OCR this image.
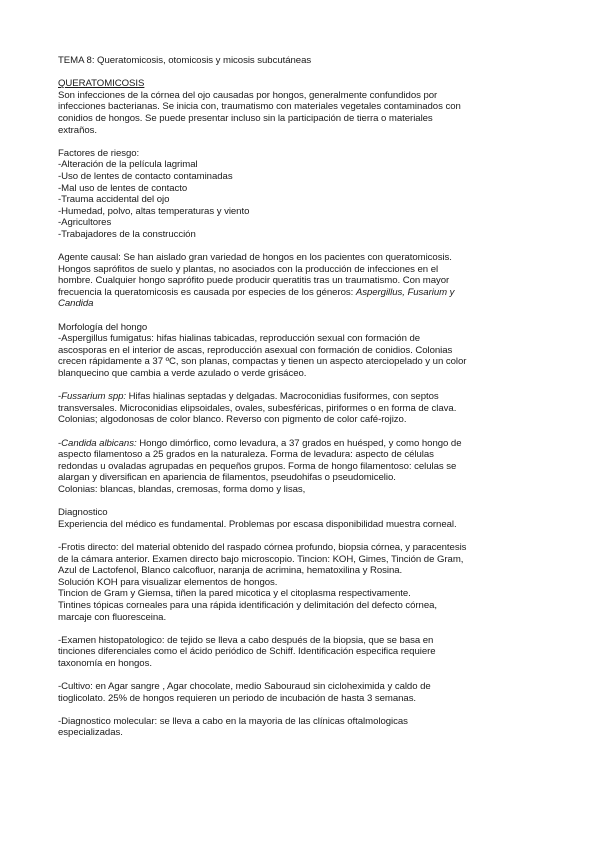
TEMA 8: Queratomicosis, otomicosis y micosis subcutáneas

QUERATOMICOSIS

Son infecciones de la córnea del ojo causadas por hongos, generalmente confundidos por

infecciones bacterianas. Se inicia con, traumatismo con materiales vegetales contaminados con

conidios de hongos. Se puede presentar incluso sin la participación de tierra o materiales

extraños.

Factores de riesgo:

-Alteración de la película lagrimal

-Uso de lentes de contacto contaminadas

-Mal uso de lentes de contacto

-Trauma accidental del ojo

-Humedad, polvo, altas temperaturas y viento

-Agricultores

-Trabajadores de la construcción

Agente causal: Se han aislado gran variedad de hongos en los pacientes con queratomicosis.

Hongos saprófitos de suelo y plantas, no asociados con la producción de infecciones en el

hombre. Cualquier hongo saprófito puede producir queratitis tras un traumatismo. Con mayor

frecuencia la queratomicosis es causada por especies de los géneros: Aspergillus, Fusarium y

Candida

Morfología del hongo

-Aspergillus fumigatus: hifas hialinas tabicadas, reproducción sexual con formación de

ascosporas en el interior de ascas, reproducción asexual con formación de conidios. Colonias

crecen rápidamente a 37 ºC, son planas, compactas y tienen un aspecto aterciopelado y un color

blanquecino que cambia a verde azulado o verde grisáceo.

-Fussarium spp: Hifas hialinas septadas y delgadas. Macroconidias fusiformes, con septos

transversales. Microconidias elipsoidales, ovales, subesféricas, piriformes o en forma de clava.

Colonias; algodonosas de color blanco. Reverso con pigmento de color café-rojizo.

-Candida albicans: Hongo dimórfico, como levadura, a 37 grados en huésped, y como hongo de

aspecto filamentoso a 25 grados en la naturaleza. Forma de levadura: aspecto de células

redondas u ovaladas agrupadas en pequeños grupos. Forma de hongo filamentoso: celulas se

alargan y diversifican en apariencia de filamentos, pseudohifas o pseudomicelio.

Colonias: blancas, blandas, cremosas, forma domo y lisas,

Diagnostico

Experiencia del médico es fundamental. Problemas por escasa disponibilidad muestra corneal.

-Frotis directo: del material obtenido del raspado córnea profundo, biopsia córnea, y paracentesis

de la cámara anterior. Examen directo bajo microscopio. Tincion: KOH, Gimes, Tinción de Gram,

Azul de Lactofenol, Blanco calcofluor, naranja de acrimina, hematoxilina y Rosina.

Solución KOH para visualizar elementos de hongos.

Tincion de Gram y Giemsa, tiñen la pared micotica y el citoplasma respectivamente.

Tintines tópicas corneales para una rápida identificación y delimitación del defecto córnea,

marcaje con fluoresceina.

-Examen histopatologico: de tejido se lleva a cabo después de la biopsia, que se basa en

tinciones diferenciales como el ácido periódico de Schiff. Identificación especifica requiere

taxonomía en hongos.

-Cultivo: en Agar sangre , Agar chocolate, medio Sabouraud sin cicloheximida y caldo de

tioglicolato. 25% de hongos requieren un periodo de incubación de hasta 3 semanas.

-Diagnostico molecular: se lleva a cabo en la mayoria de las clínicas oftalmologicas

especializadas.
